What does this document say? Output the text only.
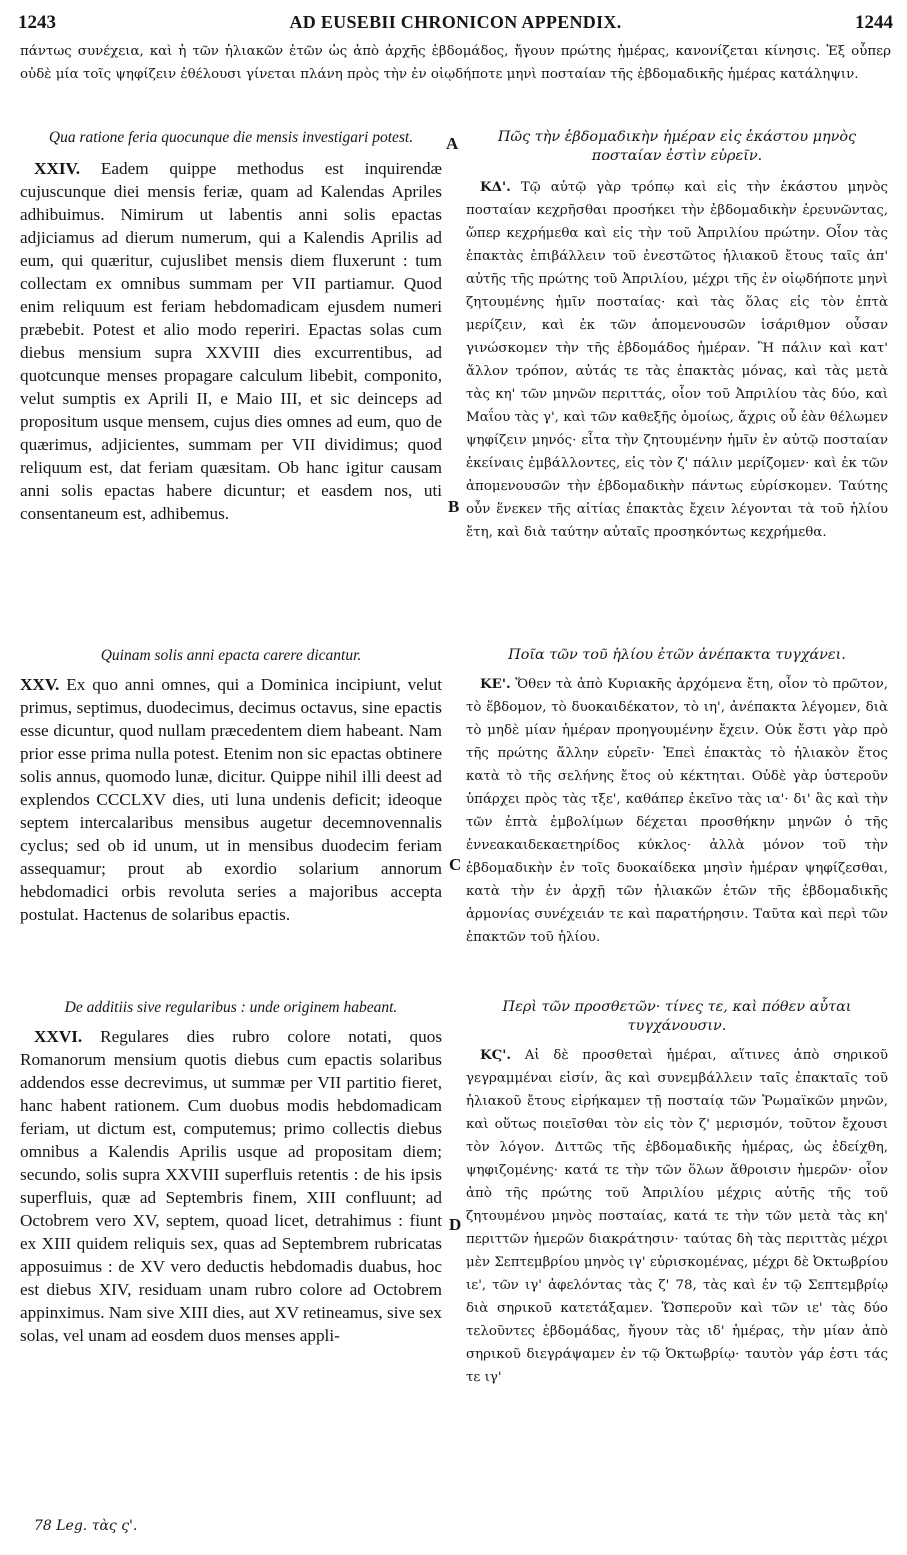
1243	AD EUSEBII CHRONICON APPENDIX.	1244
πάντως συνέχεια, καὶ ἡ τῶν ἡλιακῶν ἐτῶν ὡς ἀπὸ ἀρχῆς ἑβδομάδος, ἤγουν πρώτης ἡμέρας, κανονίζεται κίνησις. Ἐξ οὗπερ οὐδὲ μία τοῖς ψηφίζειν ἐθέλουσι γίνεται πλάνη πρὸς τὴν ἐν οἱῳδήποτε μηνὶ ποσταίαν τῆς ἑβδομαδικῆς ἡμέρας κατάληψιν.

Qua ratione feria quocunque die mensis investigari potest.

XXIV. Eadem quippe methodus est inquirendæ cujuscunque diei mensis feriæ, quam ad Kalendas Apriles adhibuimus. Nimirum ut labentis anni solis epactas adjiciamus ad dierum numerum, qui a Kalendis Aprilis ad eum, qui quæritur, cujuslibet mensis diem fluxerunt : tum collectam ex omnibus summam per VII partiamur. Quod enim reliquum est feriam hebdomadicam ejusdem numeri præbebit. Potest et alio modo reperiri. Epactas solas cum diebus mensium supra XXVIII dies excurrentibus, ad quotcunque menses propagare calculum libebit, componito, velut sumptis ex Aprili II, e Maio III, et sic deinceps ad propositum usque mensem, cujus dies omnes ad eum, quo de quærimus, adjicientes, summam per VII dividimus; quod reliquum est, dat feriam quæsitam. Ob hanc igitur causam anni solis epactas habere dicuntur; et easdem nos, uti consentaneum est, adhibemus.

Quinam solis anni epacta carere dicantur.

XXV. Ex quo anni omnes, qui a Dominica incipiunt, velut primus, septimus, duodecimus, decimus octavus, sine epactis esse dicuntur, quod nullam præcedentem diem habeant. Nam prior esse prima nulla potest. Etenim non sic epactas obtinere solis annus, quomodo lunæ, dicitur. Quippe nihil illi deest ad explendos CCCLXV dies, uti luna undenis deficit; ideoque septem intercalaribus mensibus augetur decemnovennalis cyclus; sed ob id unum, ut in mensibus duodecim feriam assequamur; prout ab exordio solarium annorum hebdomadici orbis revoluta series a majoribus accepta postulat. Hactenus de solaribus epactis.

De additiis sive regularibus : unde originem habeant.

XXVI. Regulares dies rubro colore notati, quos Romanorum mensium quotis diebus cum epactis solaribus addendos esse decrevimus, ut summæ per VII partitio fieret, hanc habent rationem. Cum duobus modis hebdomadicam feriam, ut dictum est, computemus; primo collectis diebus omnibus a Kalendis Aprilis usque ad propositam diem; secundo, solis supra XXVIII superfluis retentis : de his ipsis superfluis, quæ ad Septembris finem, XIII confluunt; ad Octobrem vero XV, septem, quoad licet, detrahimus : fiunt ex XIII quidem reliquis sex, quas ad Septembrem rubricatas apposuimus : de XV vero deductis hebdomadis duabus, hoc est diebus XIV, residuam unam rubro colore ad Octobrem appinximus. Nam sive XIII dies, aut XV retineamus, sive sex solas, vel unam ad eosdem duos menses appli-

A
B
C
D

Πῶς τὴν ἑβδομαδικὴν ἡμέραν εἰς ἑκάστου μηνὸς ποσταίαν ἐστὶν εὑρεῖν.

ΚΔ'. Τῷ αὐτῷ γὰρ τρόπῳ καὶ εἰς τὴν ἑκάστου μηνὸς ποσταίαν κεχρῆσθαι προσήκει τὴν ἑβδομαδικὴν ἐρευνῶντας, ὥπερ κεχρήμεθα καὶ εἰς τὴν τοῦ Ἀπριλίου πρώτην. Οἷον τὰς ἐπακτὰς ἐπιβάλλειν τοῦ ἐνεστῶτος ἡλιακοῦ ἔτους ταῖς ἀπ' αὐτῆς τῆς πρώτης τοῦ Ἀπριλίου, μέχρι τῆς ἐν οἱῳδήποτε μηνὶ ζητουμένης ἡμῖν ποσταίας· καὶ τὰς ὅλας εἰς τὸν ἑπτὰ μερίζειν, καὶ ἐκ τῶν ἀπομενουσῶν ἰσάριθμον οὖσαν γινώσκομεν τὴν τῆς ἑβδομάδος ἡμέραν. Ἢ πάλιν καὶ κατ' ἄλλον τρόπον, αὐτάς τε τὰς ἐπακτὰς μόνας, καὶ τὰς μετὰ τὰς κη' τῶν μηνῶν περιττάς, οἷον τοῦ Ἀπριλίου τὰς δύο, καὶ Μαΐου τὰς γ', καὶ τῶν καθεξῆς ὁμοίως, ἄχρις οὗ ἐὰν θέλωμεν ψηφίζειν μηνός· εἶτα τὴν ζητουμένην ἡμῖν ἐν αὐτῷ ποσταίαν ἐκείναις ἐμβάλλοντες, εἰς τὸν ζ' πάλιν μερίζομεν· καὶ ἐκ τῶν ἀπομενουσῶν τὴν ἑβδομαδικὴν πάντως εὑρίσκομεν. Ταύτης οὖν ἕνεκεν τῆς αἰτίας ἐπακτὰς ἔχειν λέγονται τὰ τοῦ ἡλίου ἔτη, καὶ διὰ ταύτην αὐταῖς προσηκόντως κεχρήμεθα.

Ποῖα τῶν τοῦ ἡλίου ἐτῶν ἀνέπακτα τυγχάνει.

ΚΕ'. Ὅθεν τὰ ἀπὸ Κυριακῆς ἀρχόμενα ἔτη, οἷον τὸ πρῶτον, τὸ ἕβδομον, τὸ δυοκαιδέκατον, τὸ ιη', ἀνέπακτα λέγομεν, διὰ τὸ μηδὲ μίαν ἡμέραν προηγουμένην ἔχειν. Οὐκ ἔστι γὰρ πρὸ τῆς πρώτης ἄλλην εὑρεῖν· Ἐπεὶ ἐπακτὰς τὸ ἡλιακὸν ἔτος κατὰ τὸ τῆς σελήνης ἔτος οὐ κέκτηται. Οὐδὲ γὰρ ὑστεροῦν ὑπάρχει πρὸς τὰς τξε', καθάπερ ἐκεῖνο τὰς ια'· δι' ἃς καὶ τὴν τῶν ἑπτὰ ἐμβολίμων δέχεται προσθήκην μηνῶν ὁ τῆς ἐννεακαιδεκαετηρίδος κύκλος· ἀλλὰ μόνον τοῦ τὴν ἑβδομαδικὴν ἐν τοῖς δυοκαίδεκα μησὶν ἡμέραν ψηφίζεσθαι, κατὰ τὴν ἐν ἀρχῇ τῶν ἡλιακῶν ἐτῶν τῆς ἑβδομαδικῆς ἁρμονίας συνέχειάν τε καὶ παρατήρησιν. Ταῦτα καὶ περὶ τῶν ἐπακτῶν τοῦ ἡλίου.

Περὶ τῶν προσθετῶν· τίνες τε, καὶ πόθεν αὗται τυγχάνουσιν.

ΚϚ'. Αἱ δὲ προσθεταὶ ἡμέραι, αἵτινες ἀπὸ σηρικοῦ γεγραμμέναι εἰσίν, ἃς καὶ συνεμβάλλειν ταῖς ἐπακταῖς τοῦ ἡλιακοῦ ἔτους εἰρήκαμεν τῇ ποσταίᾳ τῶν Ῥωμαϊκῶν μηνῶν, καὶ οὕτως ποιεῖσθαι τὸν εἰς τὸν ζ' μερισμόν, τοῦτον ἔχουσι τὸν λόγον. Διττῶς τῆς ἑβδομαδικῆς ἡμέρας, ὡς ἐδείχθη, ψηφιζομένης· κατά τε τὴν τῶν ὅλων ἄθροισιν ἡμερῶν· οἷον ἀπὸ τῆς πρώτης τοῦ Ἀπριλίου μέχρις αὐτῆς τῆς τοῦ ζητουμένου μηνὸς ποσταίας, κατά τε τὴν τῶν μετὰ τὰς κη' περιττῶν ἡμερῶν διακράτησιν· ταύτας δὴ τὰς περιττὰς μέχρι μὲν Σεπτεμβρίου μηνὸς ιγ' εὑρισκομένας, μέχρι δὲ Ὀκτωβρίου ιε', τῶν ιγ' ἀφελόντας τὰς ζ' 78, τὰς καὶ ἐν τῷ Σεπτεμβρίῳ διὰ σηρικοῦ κατετάξαμεν. Ὥσπεροῦν καὶ τῶν ιε' τὰς δύο τελοῦντες ἑβδομάδας, ἤγουν τὰς ιδ' ἡμέρας, τὴν μίαν ἀπὸ σηρικοῦ διεγράψαμεν ἐν τῷ Ὀκτωβρίῳ· ταυτὸν γάρ ἐστι τάς τε ιγ'

78 Leg. τὰς ς'.
